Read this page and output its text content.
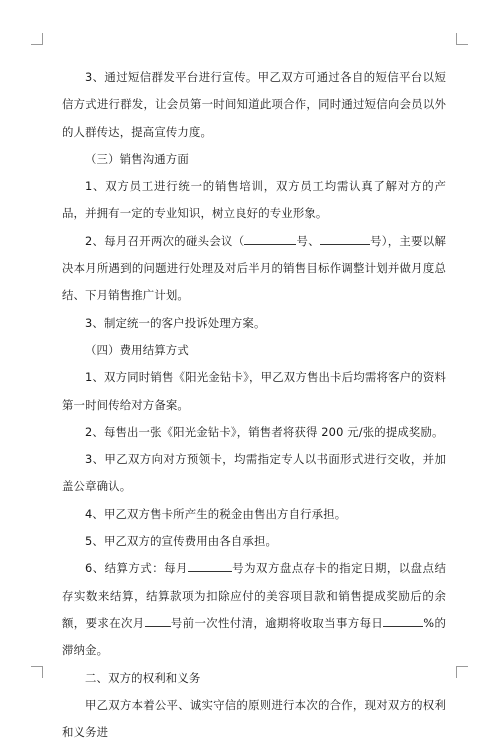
3、通过短信群发平台进行宣传。甲乙双方可通过各自的短信平台以短信方式进行群发，让会员第一时间知道此项合作，同时通过短信向会员以外的人群传达，提高宣传力度。

（三）销售沟通方面

1、双方员工进行统一的销售培训，双方员工均需认真了解对方的产品，并拥有一定的专业知识，树立良好的专业形象。

2、每月召开两次的碰头会议（	号、	号），主要以解决本月所遇到的问题进行处理及对后半月的销售目标作调整计划并做月度总结、下月销售推广计划。

3、制定统一的客户投诉处理方案。

（四）费用结算方式

1、双方同时销售《阳光金钻卡》，甲乙双方售出卡后均需将客户的资料第一时间传给对方备案。

2、每售出一张《阳光金钻卡》，销售者将获得 200 元/张的提成奖励。

3、甲乙双方向对方预领卡，均需指定专人以书面形式进行交收，并加盖公章确认。

4、甲乙双方售卡所产生的税金由售出方自行承担。

5、甲乙双方的宣传费用由各自承担。

6、结算方式：每月	号为双方盘点存卡的指定日期，以盘点结存实数来结算，结算款项为扣除应付的美容项目款和销售提成奖励后的余额，要求在次月 号前一次性付清，逾期将收取当事方每日	%的滞纳金。

二、双方的权利和义务

甲乙双方本着公平、诚实守信的原则进行本次的合作，现对双方的权利和义务进
